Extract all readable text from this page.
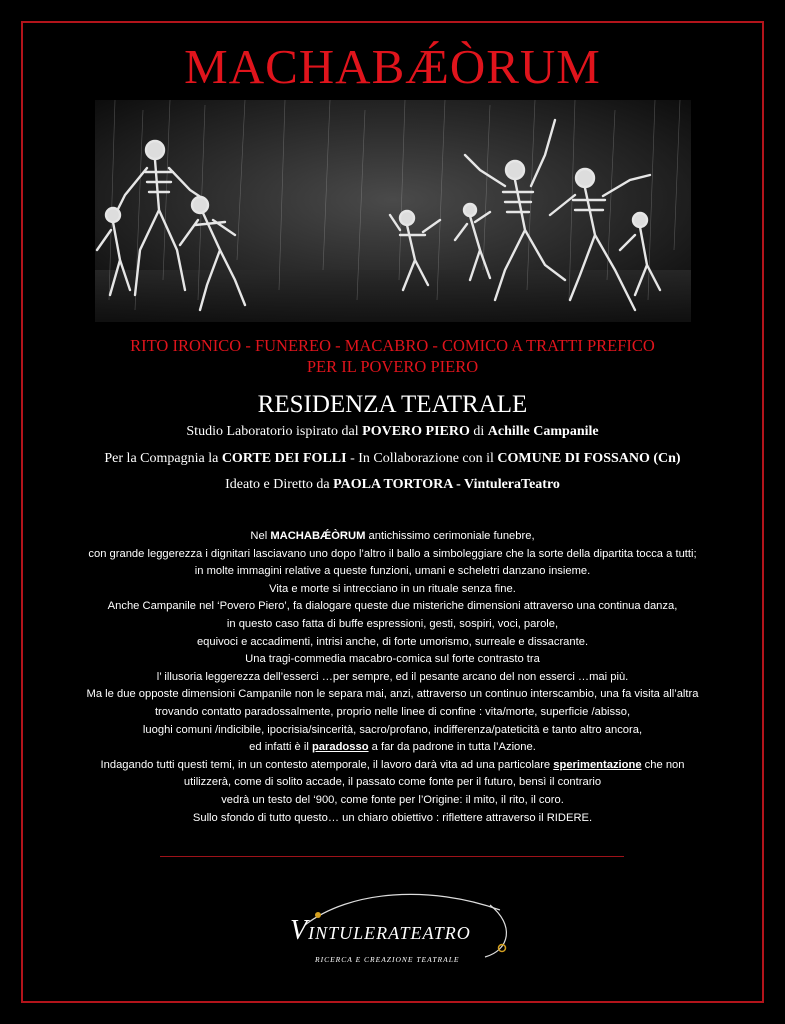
MACHABǼÒRUM
RITO IRONICO - FUNEREO - MACABRO - COMICO A TRATTI PREFICO
PER IL POVERO PIERO
RESIDENZA TEATRALE
Studio Laboratorio ispirato dal POVERO PIERO di Achille Campanile
Per la Compagnia la CORTE DEI FOLLI - In Collaborazione con il COMUNE DI FOSSANO (Cn)
Ideato e Diretto da PAOLA TORTORA - VintuleraTeatro
Nel MACHABǼÒRUM antichissimo cerimoniale funebre,
con grande leggerezza i dignitari lasciavano uno dopo l’altro il ballo a simboleggiare che la sorte della dipartita tocca a tutti;
in molte immagini relative a queste funzioni, umani e scheletri danzano insieme.
Vita e morte si intrecciano in un rituale senza fine.
Anche Campanile nel ‘Povero Piero’, fa dialogare queste due misteriche dimensioni attraverso una continua danza,
in questo caso fatta di buffe espressioni, gesti, sospiri, voci, parole,
equivoci e accadimenti, intrisi anche, di forte umorismo, surreale e dissacrante.
Una tragi-commedia macabro-comica sul forte contrasto tra
l’ illusoria leggerezza dell’esserci …per sempre, ed il pesante arcano del non esserci …mai più.
Ma le due opposte dimensioni Campanile non le separa mai, anzi, attraverso un continuo interscambio, una fa visita all’altra
trovando contatto paradossalmente, proprio nelle linee di confine : vita/morte, superficie /abisso,
luoghi comuni /indicibile, ipocrisia/sincerità, sacro/profano, indifferenza/pateticità e tanto altro ancora,
ed infatti è il paradosso a far da padrone in tutta l’Azione.
Indagando tutti questi temi, in un contesto atemporale, il lavoro darà vita ad una particolare sperimentazione che non
utilizzerà, come di solito accade, il passato come fonte per il futuro, bensì il contrario
vedrà un testo del ‘900, come fonte per l’Origine: il mito, il rito, il coro.
Sullo sfondo di tutto questo… un chiaro obiettivo : riflettere attraverso il RIDERE.
VINTULERATEATRO
RICERCA E CREAZIONE TEATRALE
